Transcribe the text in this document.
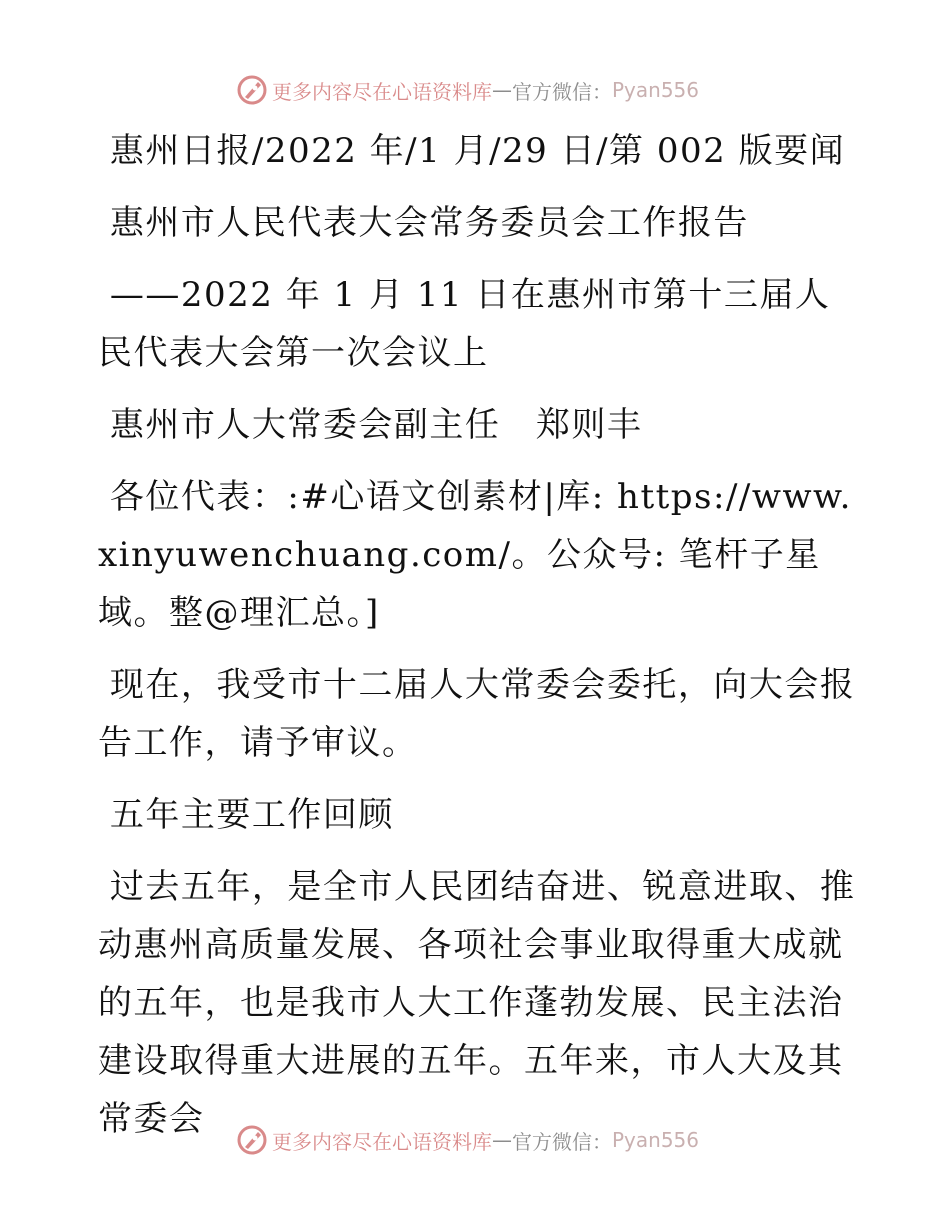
更多内容尽在心语资料库 — 官方微信： Pyan556

惠州日报/2022 年/1 月/29 日/第 002 版要闻

惠州市人民代表大会常务委员会工作报告

——2022 年 1 月 11 日在惠州市第十三届人民代表大会第一次会议上

惠州市人大常委会副主任　郑则丰

各位代表：:#心语文创素材|库: https://www.xinyuwenchuang.com/。公众号: 笔杆子星域。整@理汇总。]

现在，我受市十二届人大常委会委托，向大会报告工作，请予审议。

五年主要工作回顾

过去五年，是全市人民团结奋进、锐意进取、推动惠州高质量发展、各项社会事业取得重大成就的五年，也是我市人大工作蓬勃发展、民主法治建设取得重大进展的五年。五年来，市人大及其常委会

更多内容尽在心语资料库 — 官方微信： Pyan556
